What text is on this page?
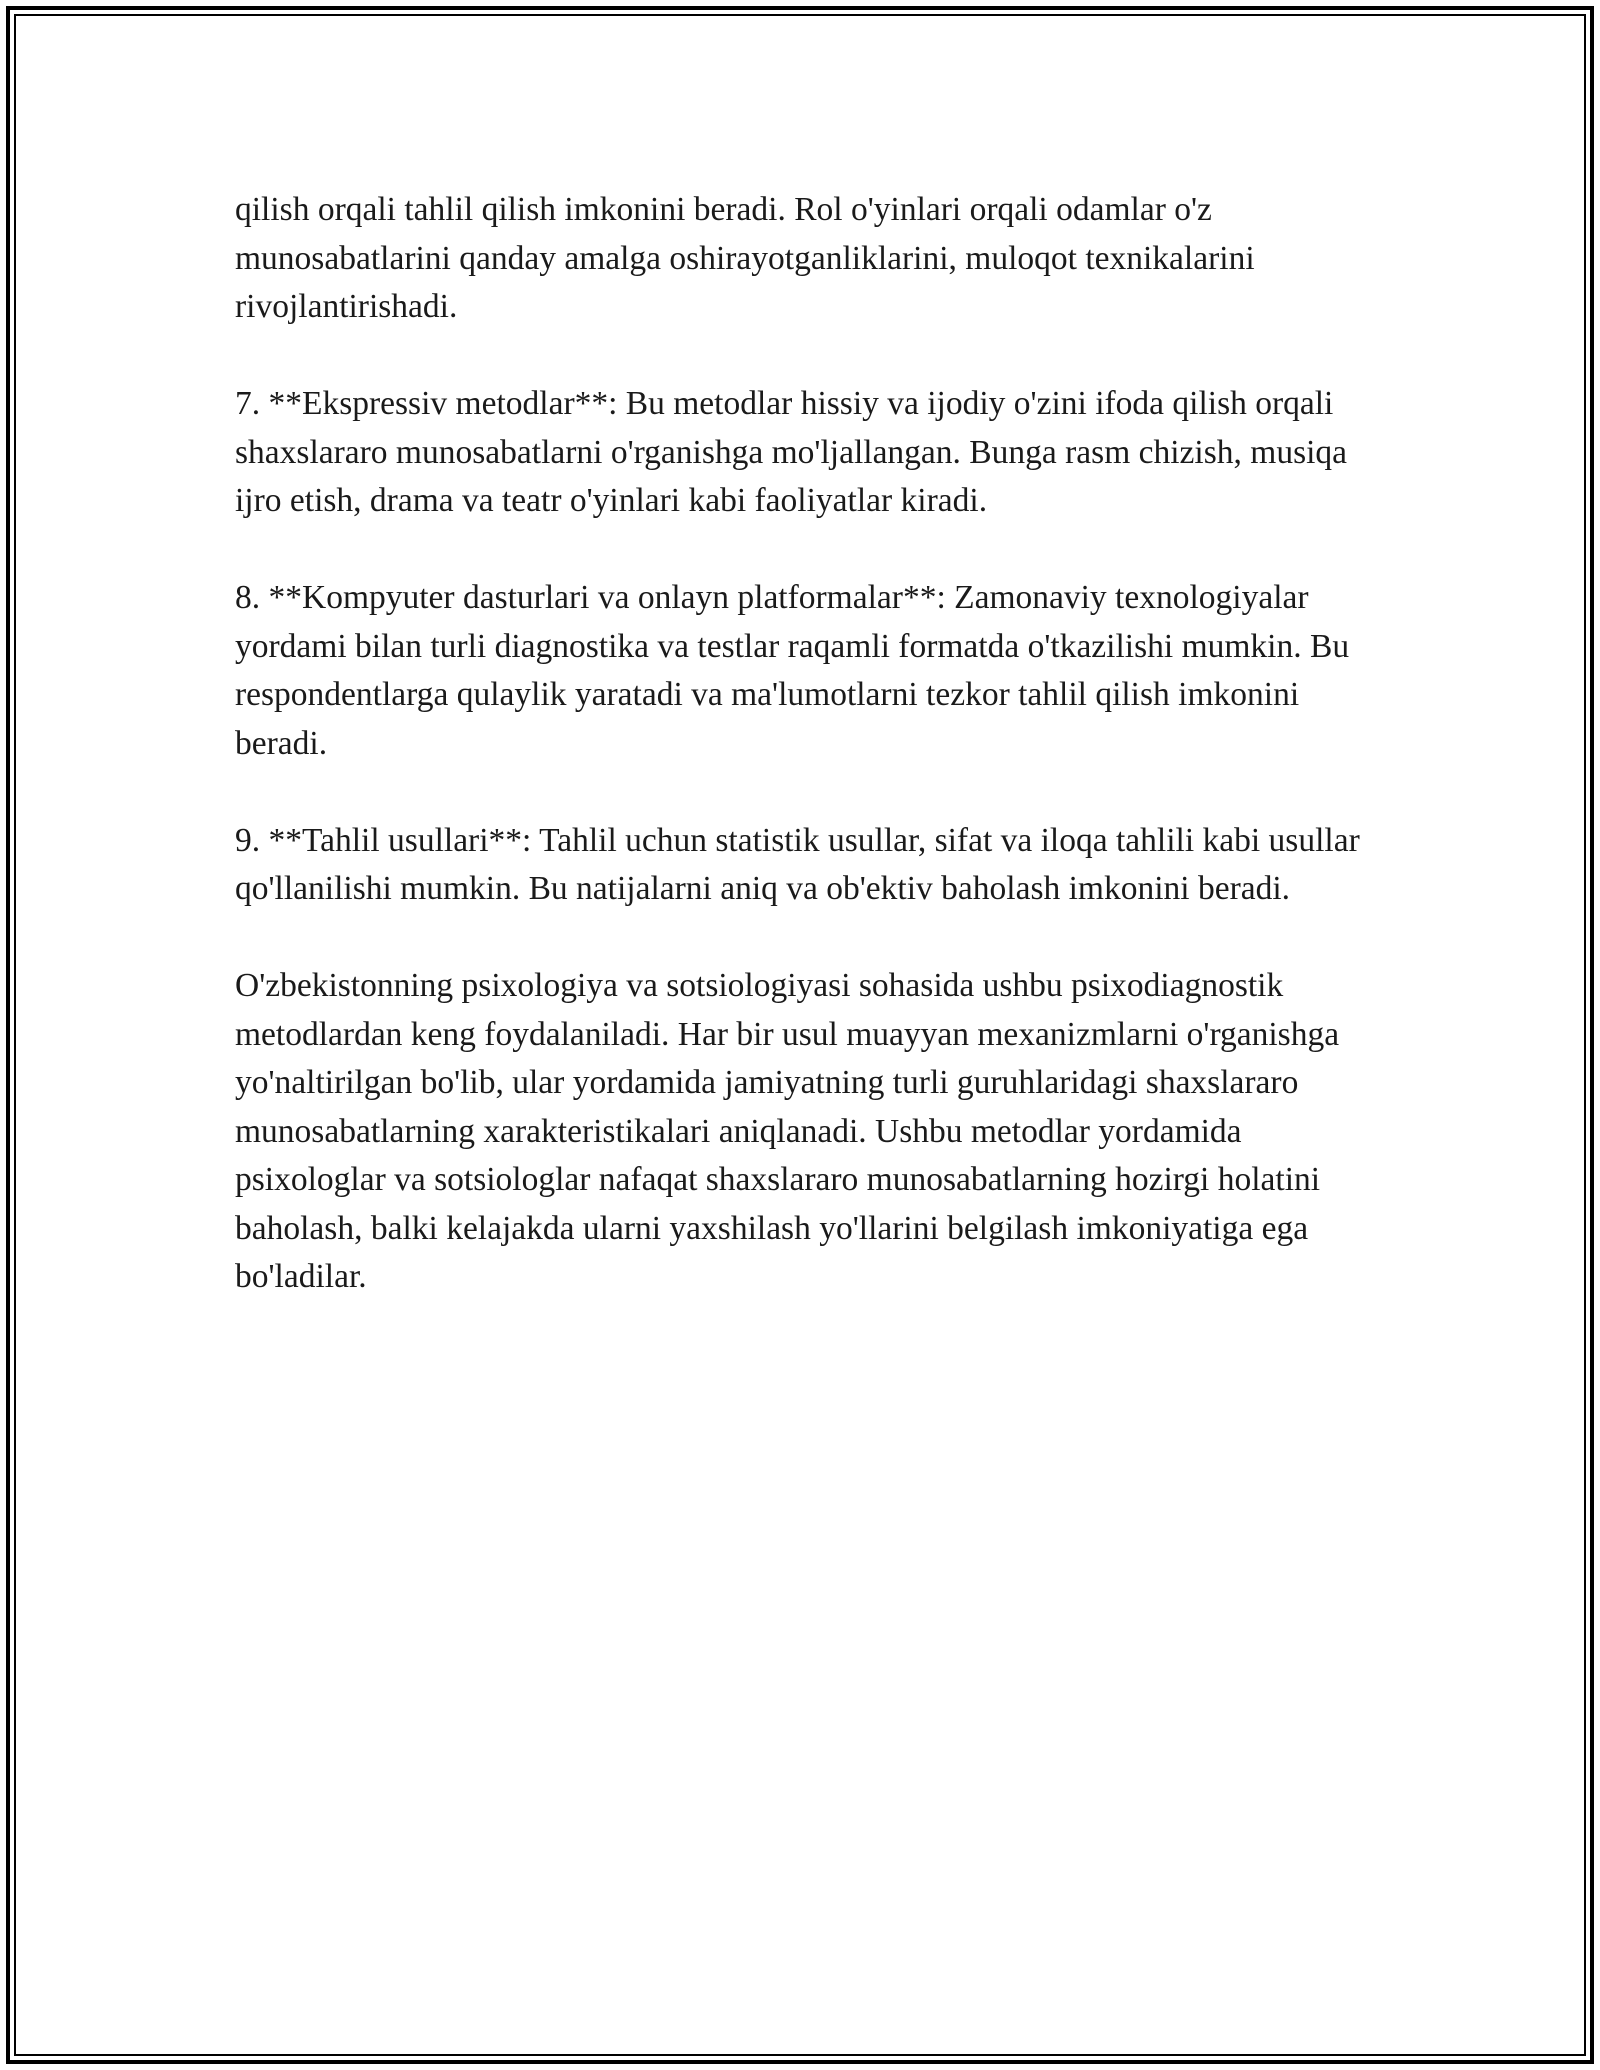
qilish orqali tahlil qilish imkonini beradi. Rol o'yinlari orqali odamlar o'z munosabatlarini qanday amalga oshirayotganliklarini, muloqot texnikalarini rivojlantirishadi.

7. **Ekspressiv metodlar**: Bu metodlar hissiy va ijodiy o'zini ifoda qilish orqali shaxslararo munosabatlarni o'rganishga mo'ljallangan. Bunga rasm chizish, musiqa ijro etish, drama va teatr o'yinlari kabi faoliyatlar kiradi.

8. **Kompyuter dasturlari va onlayn platformalar**: Zamonaviy texnologiyalar yordami bilan turli diagnostika va testlar raqamli formatda o'tkazilishi mumkin. Bu respondentlarga qulaylik yaratadi va ma'lumotlarni tezkor tahlil qilish imkonini beradi.

9. **Tahlil usullari**: Tahlil uchun statistik usullar, sifat va iloqa tahlili kabi usullar qo'llanilishi mumkin. Bu natijalarni aniq va ob'ektiv baholash imkonini beradi.

O'zbekistonning psixologiya va sotsiologiyasi sohasida ushbu psixodiagnostik metodlardan keng foydalaniladi. Har bir usul muayyan mexanizmlarni o'rganishga yo'naltirilgan bo'lib, ular yordamida jamiyatning turli guruhlaridagi shaxslararo munosabatlarning xarakteristikalari aniqlanadi. Ushbu metodlar yordamida psixologlar va sotsiologlar nafaqat shaxslararo munosabatlarning hozirgi holatini baholash, balki kelajakda ularni yaxshilash yo'llarini belgilash imkoniyatiga ega bo'ladilar.
